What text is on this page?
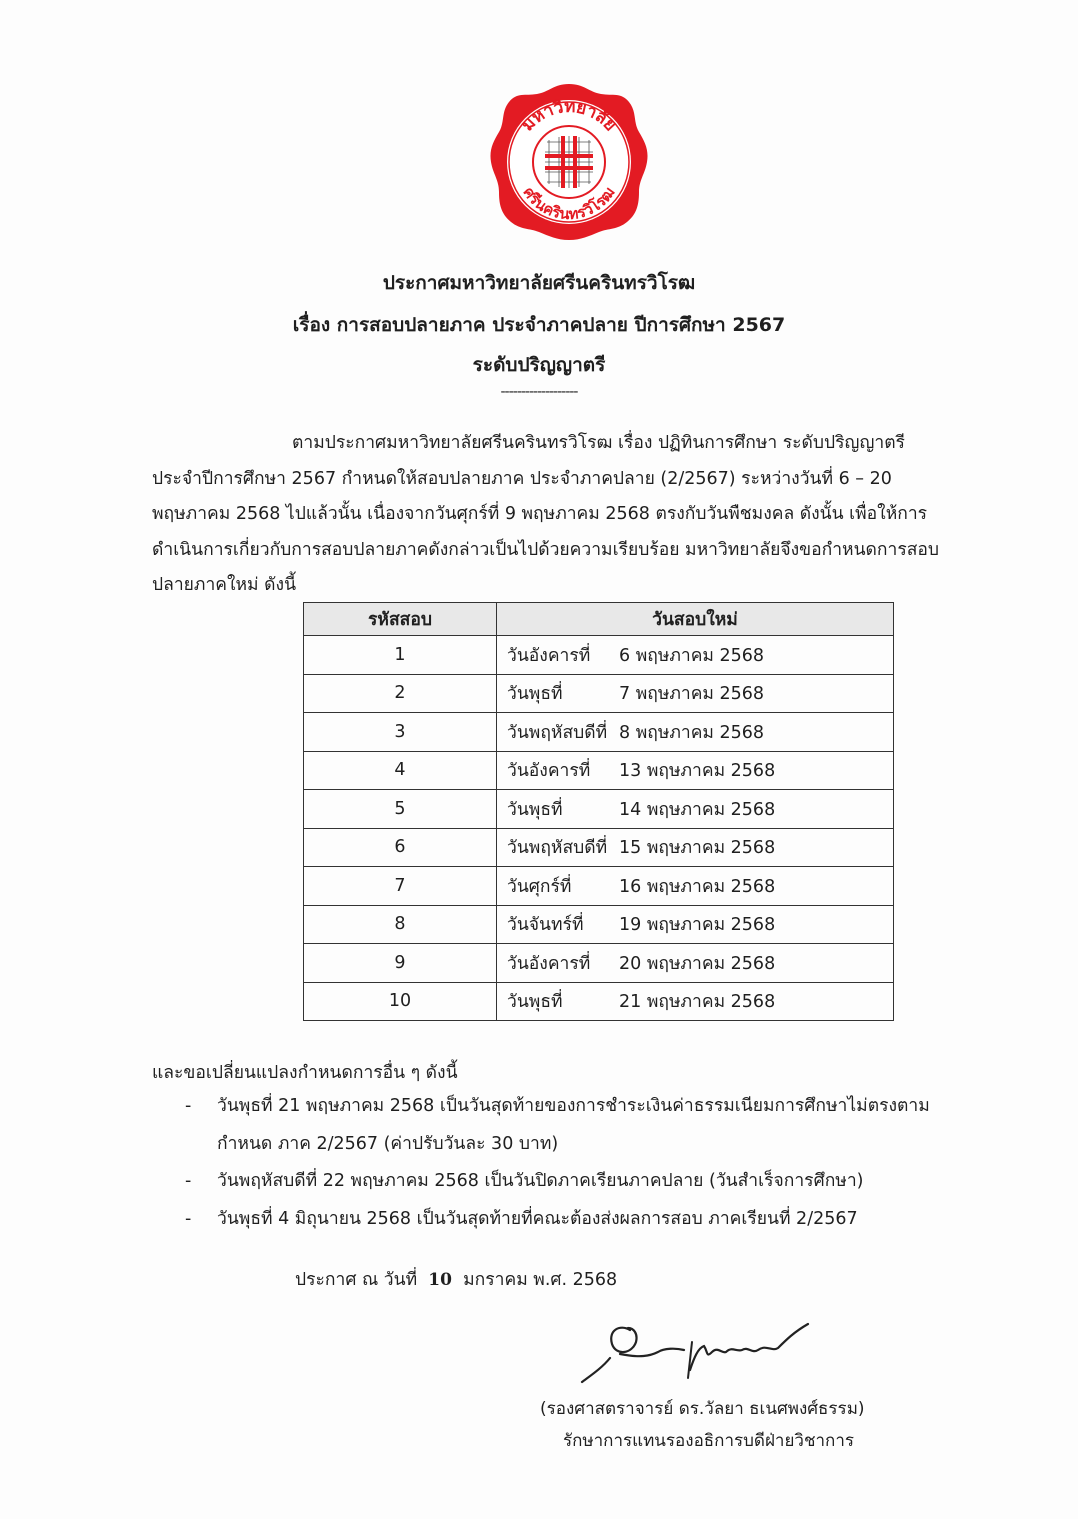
มหาวิทยาลัย
ศรีนครินทรวิโรฒ
ประกาศมหาวิทยาลัยศรีนครินทรวิโรฒ
เรื่อง การสอบปลายภาค ประจำภาคปลาย ปีการศึกษา 2567
ระดับปริญญาตรี
-------------------
ตามประกาศมหาวิทยาลัยศรีนครินทรวิโรฒ เรื่อง ปฏิทินการศึกษา ระดับปริญญาตรี
ประจำปีการศึกษา 2567 กำหนดให้สอบปลายภาค ประจำภาคปลาย (2/2567) ระหว่างวันที่ 6 – 20
พฤษภาคม 2568 ไปแล้วนั้น เนื่องจากวันศุกร์ที่ 9 พฤษภาคม 2568 ตรงกับวันพืชมงคล ดังนั้น เพื่อให้การ
ดำเนินการเกี่ยวกับการสอบปลายภาคดังกล่าวเป็นไปด้วยความเรียบร้อย มหาวิทยาลัยจึงขอกำหนดการสอบ
ปลายภาคใหม่ ดังนี้
รหัสสอบ	วันสอบใหม่
1	วันอังคารที่ 6 พฤษภาคม 2568
2	วันพุธที่ 7 พฤษภาคม 2568
3	วันพฤหัสบดีที่ 8 พฤษภาคม 2568
4	วันอังคารที่ 13 พฤษภาคม 2568
5	วันพุธที่ 14 พฤษภาคม 2568
6	วันพฤหัสบดีที่ 15 พฤษภาคม 2568
7	วันศุกร์ที่ 16 พฤษภาคม 2568
8	วันจันทร์ที่ 19 พฤษภาคม 2568
9	วันอังคารที่ 20 พฤษภาคม 2568
10	วันพุธที่ 21 พฤษภาคม 2568
และขอเปลี่ยนแปลงกำหนดการอื่น ๆ ดังนี้
- วันพุธที่ 21 พฤษภาคม 2568 เป็นวันสุดท้ายของการชำระเงินค่าธรรมเนียมการศึกษาไม่ตรงตาม
กำหนด ภาค 2/2567 (ค่าปรับวันละ 30 บาท)
- วันพฤหัสบดีที่ 22 พฤษภาคม 2568 เป็นวันปิดภาคเรียนภาคปลาย (วันสำเร็จการศึกษา)
- วันพุธที่ 4 มิถุนายน 2568 เป็นวันสุดท้ายที่คณะต้องส่งผลการสอบ ภาคเรียนที่ 2/2567
ประกาศ ณ วันที่ 10 มกราคม พ.ศ. 2568
(รองศาสตราจารย์ ดร.วัลยา ธเนศพงศ์ธรรม)
รักษาการแทนรองอธิการบดีฝ่ายวิชาการ
